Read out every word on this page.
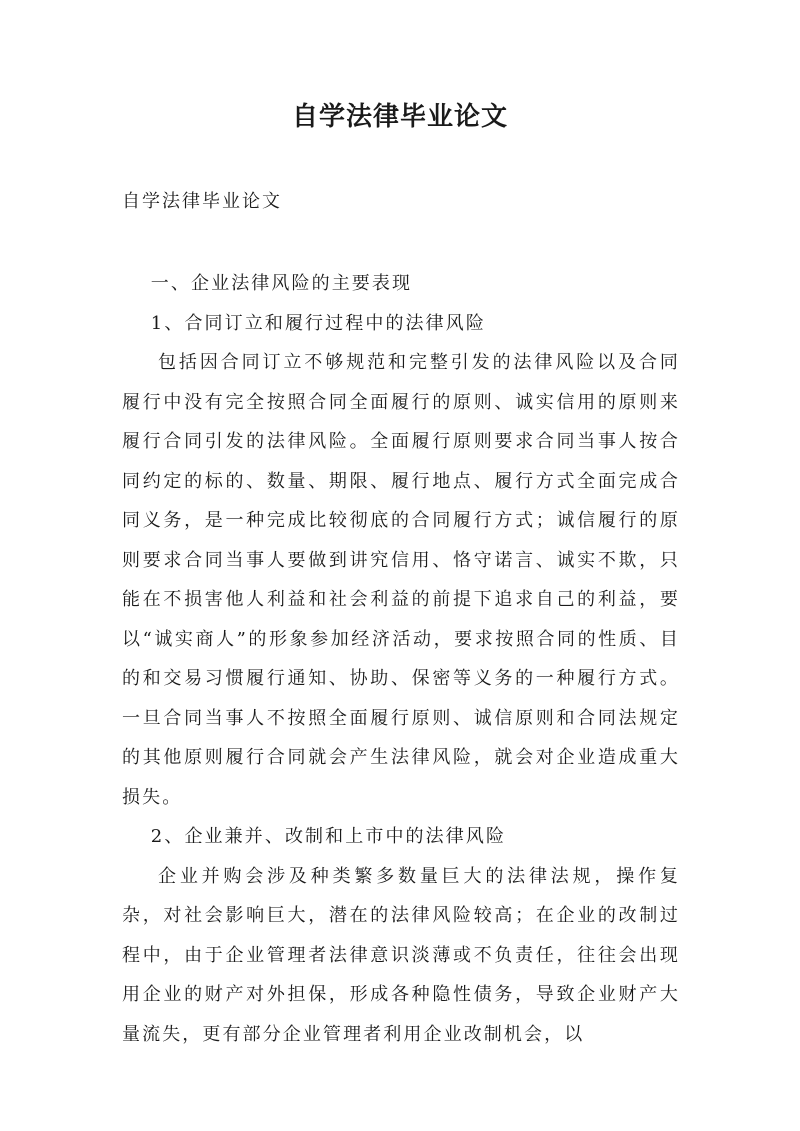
自学法律毕业论文
自学法律毕业论文

一、企业法律风险的主要表现

1、合同订立和履行过程中的法律风险

包括因合同订立不够规范和完整引发的法律风险以及合同履行中没有完全按照合同全面履行的原则、诚实信用的原则来履行合同引发的法律风险。全面履行原则要求合同当事人按合同约定的标的、数量、期限、履行地点、履行方式全面完成合同义务，是一种完成比较彻底的合同履行方式；诚信履行的原则要求合同当事人要做到讲究信用、恪守诺言、诚实不欺，只能在不损害他人利益和社会利益的前提下追求自己的利益，要以“诚实商人”的形象参加经济活动，要求按照合同的性质、目的和交易习惯履行通知、协助、保密等义务的一种履行方式。一旦合同当事人不按照全面履行原则、诚信原则和合同法规定的其他原则履行合同就会产生法律风险，就会对企业造成重大损失。

2、企业兼并、改制和上市中的法律风险

企业并购会涉及种类繁多数量巨大的法律法规，操作复杂，对社会影响巨大，潜在的法律风险较高；在企业的改制过程中，由于企业管理者法律意识淡薄或不负责任，往往会出现用企业的财产对外担保，形成各种隐性债务，导致企业财产大量流失，更有部分企业管理者利用企业改制机会，以
